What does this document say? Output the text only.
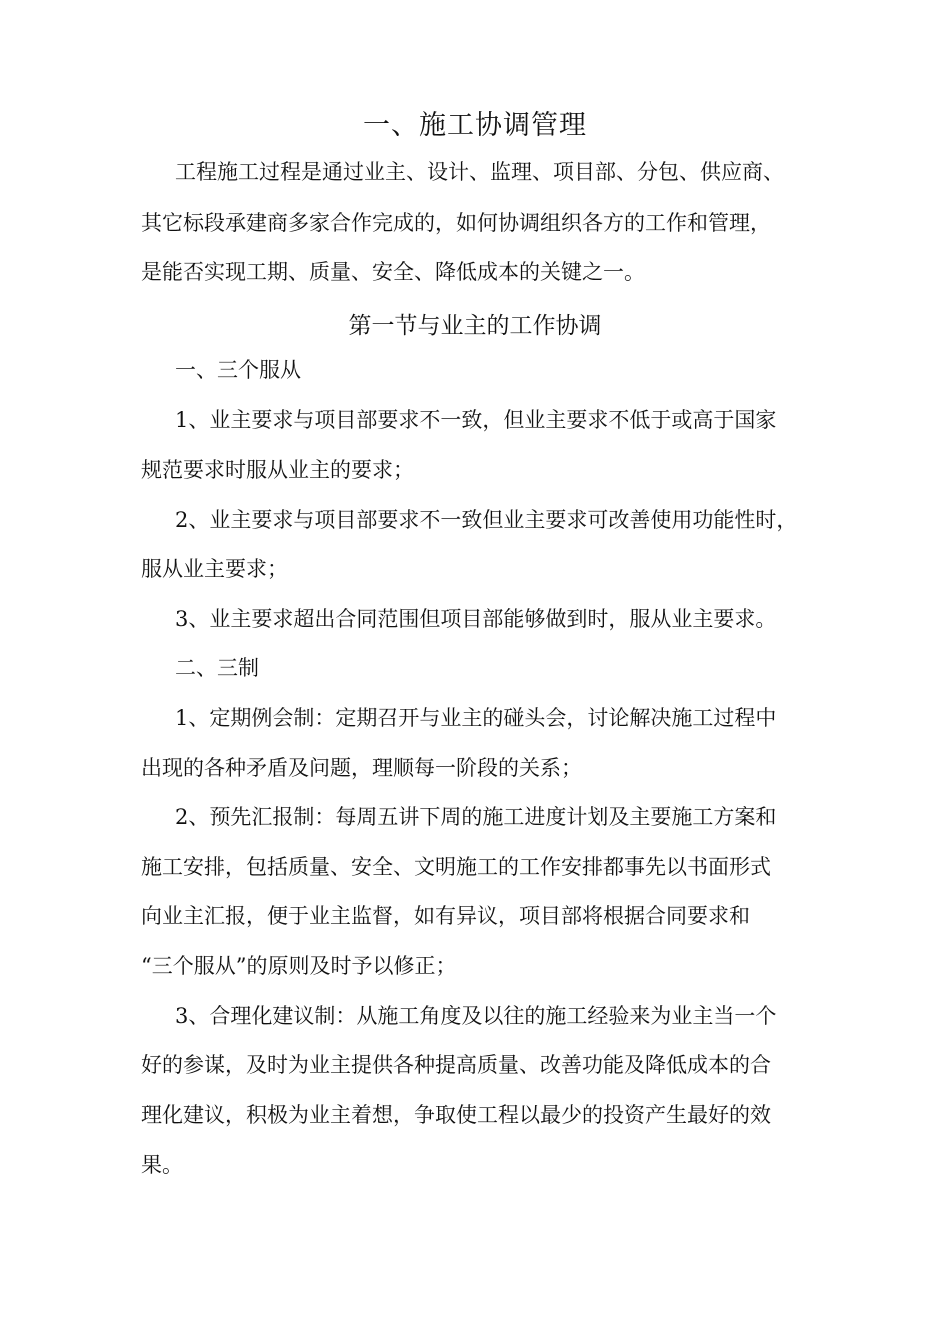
一、施工协调管理
工程施工过程是通过业主、设计、监理、项目部、分包、供应商、
其它标段承建商多家合作完成的，如何协调组织各方的工作和管理，
是能否实现工期、质量、安全、降低成本的关键之一。
第一节与业主的工作协调
一、三个服从
1、业主要求与项目部要求不一致，但业主要求不低于或高于国家
规范要求时服从业主的要求；
2、业主要求与项目部要求不一致但业主要求可改善使用功能性时，
服从业主要求；
3、业主要求超出合同范围但项目部能够做到时，服从业主要求。
二、三制
1、定期例会制：定期召开与业主的碰头会，讨论解决施工过程中
出现的各种矛盾及问题，理顺每一阶段的关系；
2、预先汇报制：每周五讲下周的施工进度计划及主要施工方案和
施工安排，包括质量、安全、文明施工的工作安排都事先以书面形式
向业主汇报，便于业主监督，如有异议，项目部将根据合同要求和
“三个服从”的原则及时予以修正；
3、合理化建议制：从施工角度及以往的施工经验来为业主当一个
好的参谋，及时为业主提供各种提高质量、改善功能及降低成本的合
理化建议，积极为业主着想，争取使工程以最少的投资产生最好的效
果。
